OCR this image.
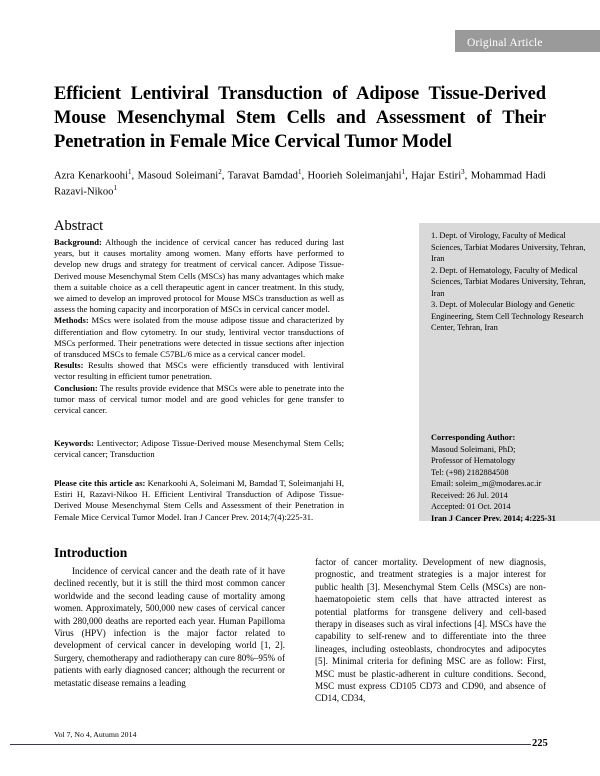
Original Article
Efficient Lentiviral Transduction of Adipose Tissue-Derived Mouse Mesenchymal Stem Cells and Assessment of Their Penetration in Female Mice Cervical Tumor Model
Azra Kenarkoohi$^1$, Masoud Soleimani$^2$, Taravat Bamdad$^1$, Hoorieh Soleimanjahi$^1$, Hajar Estiri$^3$, Mohammad Hadi Razavi-Nikoo$^1$
Abstract

Background: Although the incidence of cervical cancer has reduced during last years, but it causes mortality among women. Many efforts have performed to develop new drugs and strategy for treatment of cervical cancer. Adipose Tissue-Derived mouse Mesenchymal Stem Cells (MSCs) has many advantages which make them a suitable choice as a cell therapeutic agent in cancer treatment. In this study, we aimed to develop an improved protocol for Mouse MSCs transduction as well as assess the homing capacity and incorporation of MSCs in cervical cancer model.

Methods: MScs were isolated from the mouse adipose tissue and characterized by differentiation and flow cytometry. In our study, lentiviral vector transductions of MSCs performed. Their penetrations were detected in tissue sections after injection of transduced MSCs to female C57BL/6 mice as a cervical cancer model.

Results: Results showed that MSCs were efficiently transduced with lentiviral vector resulting in efficient tumor penetration.

Conclusion: The results provide evidence that MSCs were able to penetrate into the tumor mass of cervical tumor model and are good vehicles for gene transfer to cervical cancer.

Keywords: Lentivector; Adipose Tissue-Derived mouse Mesenchymal Stem Cells; cervical cancer; Transduction
Please cite this article as: Kenarkoohi A, Soleimani M, Bamdad T, Soleimanjahi H, Estiri H, Razavi-Nikoo H. Efficient Lentiviral Transduction of Adipose Tissue-Derived Mouse Mesenchymal Stem Cells and Assessment of their Penetration in Female Mice Cervical Tumor Model. Iran J Cancer Prev. 2014;7(4):225-31.
1. Dept. of Virology, Faculty of Medical Sciences, Tarbiat Modares University, Tehran, Iran
2. Dept. of Hematology, Faculty of Medical Sciences, Tarbiat Modares University, Tehran, Iran
3. Dept. of Molecular Biology and Genetic Engineering, Stem Cell Technology Research Center, Tehran, Iran
Corresponding Author:
Masoud Soleimani, PhD;
Professor of Hematology
Tel: (+98) 2182884508
Email: soleim_m@modares.ac.ir
Received: 26 Jul. 2014
Accepted: 01 Oct. 2014
Iran J Cancer Prev. 2014; 4:225-31
Introduction

Incidence of cervical cancer and the death rate of it have declined recently, but it is still the third most common cancer worldwide and the second leading cause of mortality among women. Approximately, 500,000 new cases of cervical cancer with 280,000 deaths are reported each year. Human Papilloma Virus (HPV) infection is the major factor related to development of cervical cancer in developing world [1, 2]. Surgery, chemotherapy and radiotherapy can cure 80%–95% of patients with early diagnosed cancer; although the recurrent or metastatic disease remains a leading

factor of cancer mortality. Development of new diagnosis, prognostic, and treatment strategies is a major interest for public health [3]. Mesenchymal Stem Cells (MSCs) are non-haematopoietic stem cells that have attracted interest as potential platforms for transgene delivery and cell-based therapy in diseases such as viral infections [4]. MSCs have the capability to self-renew and to differentiate into the three lineages, including osteoblasts, chondrocytes and adipocytes [5]. Minimal criteria for defining MSC are as follow: First, MSC must be plastic-adherent in culture conditions. Second, MSC must express CD105 CD73 and CD90, and absence of CD14, CD34,

Vol 7, No 4, Autumn 2014
225
